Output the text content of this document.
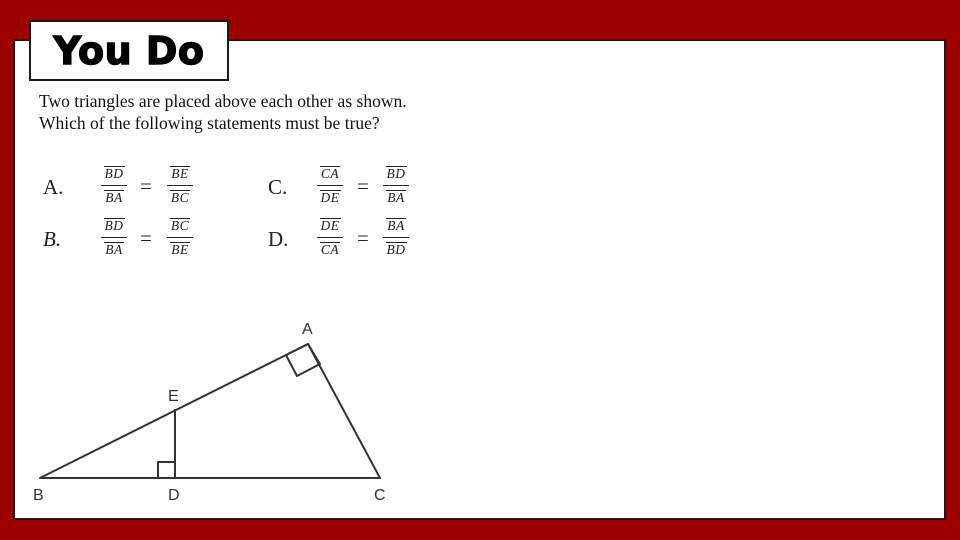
You Do
Two triangles are placed above each other as shown.
Which of the following statements must be true?
A.	$\frac{BD}{BA} = \frac{BE}{BC}$
B.	$\frac{BD}{BA} = \frac{BC}{BE}$
C. $\frac{CA}{DE} = \frac{BD}{BA}$
D. $\frac{DE}{CA} = \frac{BA}{BD}$
A
B	C
D
E
